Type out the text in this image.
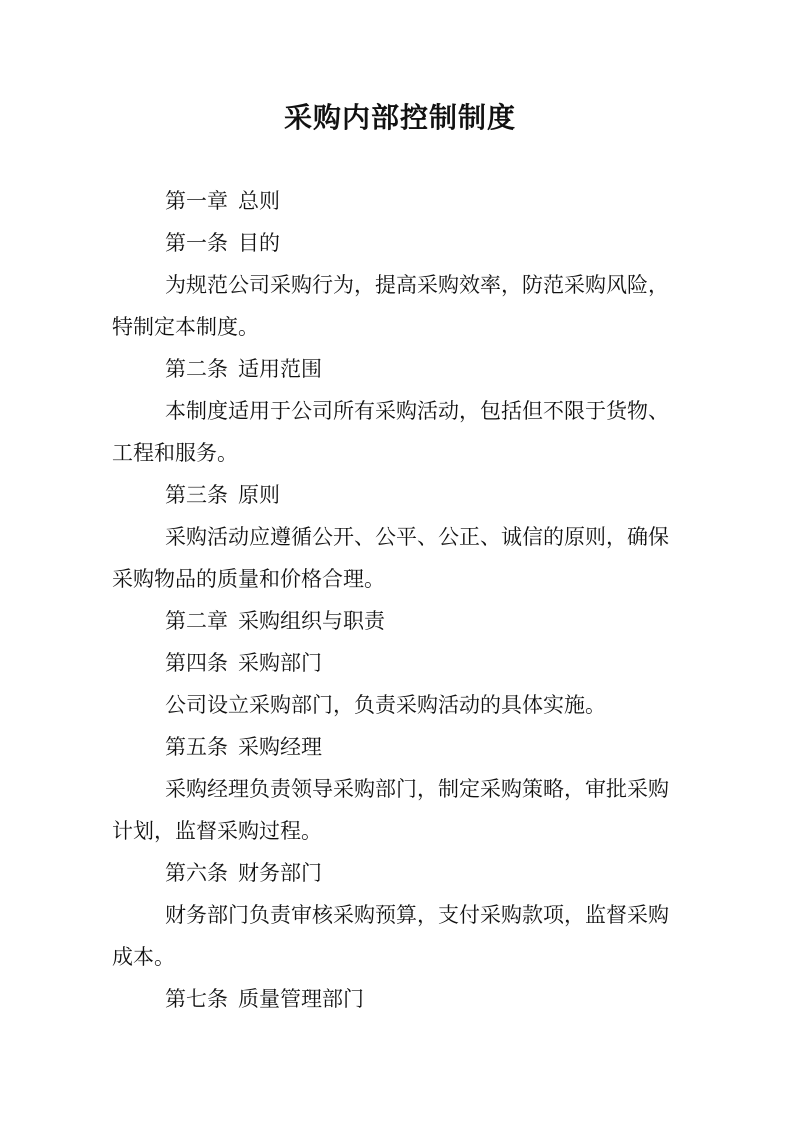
采购内部控制制度
第一章 总则
第一条 目的
为规范公司采购行为，提高采购效率，防范采购风险，
特制定本制度。
第二条 适用范围
本制度适用于公司所有采购活动，包括但不限于货物、
工程和服务。
第三条 原则
采购活动应遵循公开、公平、公正、诚信的原则，确保
采购物品的质量和价格合理。
第二章 采购组织与职责
第四条 采购部门
公司设立采购部门，负责采购活动的具体实施。
第五条 采购经理
采购经理负责领导采购部门，制定采购策略，审批采购
计划，监督采购过程。
第六条 财务部门
财务部门负责审核采购预算，支付采购款项，监督采购
成本。
第七条 质量管理部门
